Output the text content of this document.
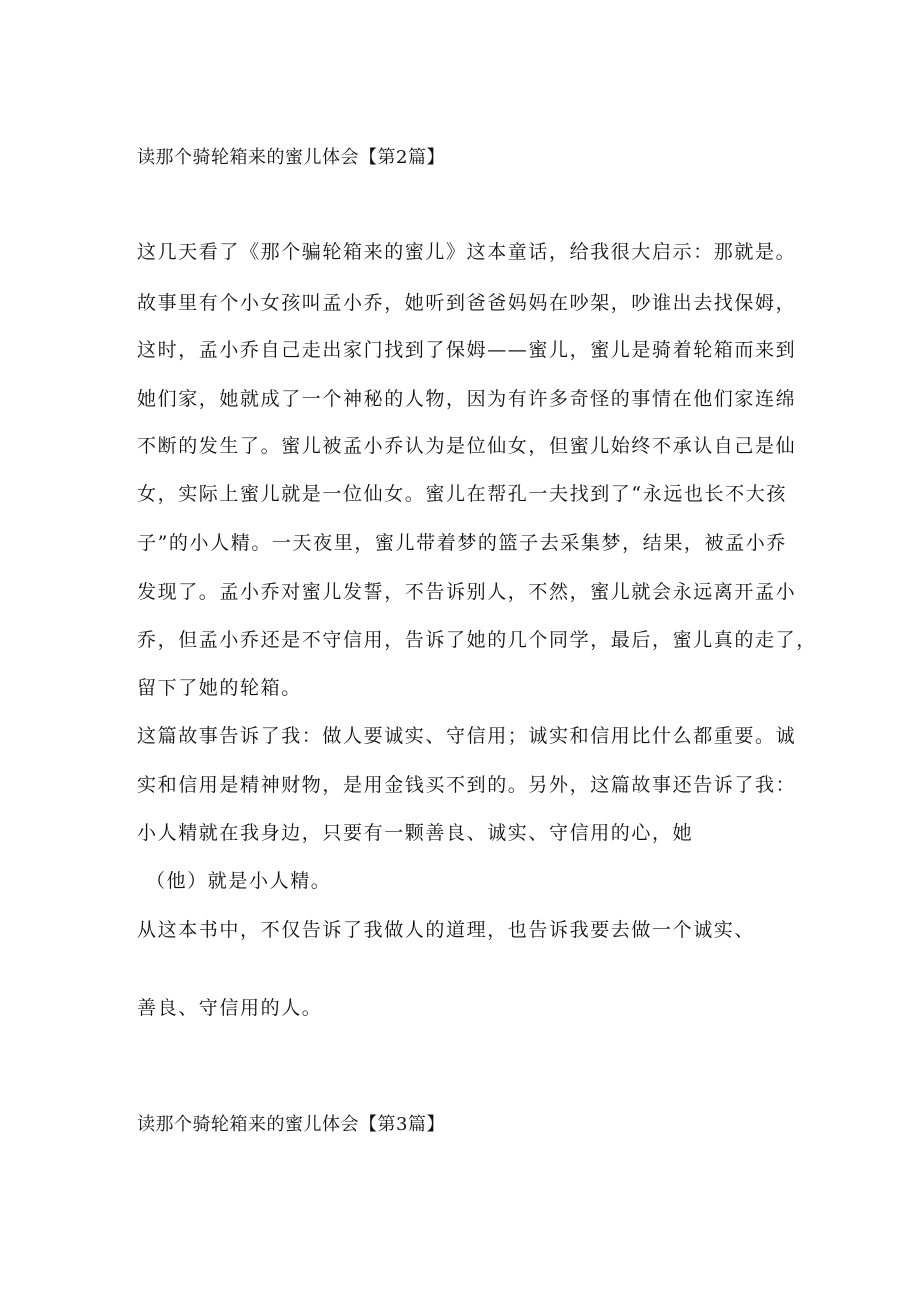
读那个骑轮箱来的蜜儿体会【第2篇】
这几天看了《那个骗轮箱来的蜜儿》这本童话，给我很大启示：那就是。
故事里有个小女孩叫孟小乔，她听到爸爸妈妈在吵架，吵谁出去找保姆，
这时，孟小乔自己走出家门找到了保姆——蜜儿，蜜儿是骑着轮箱而来到
她们家，她就成了一个神秘的人物，因为有许多奇怪的事情在他们家连绵
不断的发生了。蜜儿被孟小乔认为是位仙女，但蜜儿始终不承认自己是仙
女，实际上蜜儿就是一位仙女。蜜儿在帮孔一夫找到了“永远也长不大孩
子”的小人精。一天夜里，蜜儿带着梦的篮子去采集梦，结果，被孟小乔
发现了。孟小乔对蜜儿发誓，不告诉别人，不然，蜜儿就会永远离开孟小
乔，但孟小乔还是不守信用，告诉了她的几个同学，最后，蜜儿真的走了，
留下了她的轮箱。
这篇故事告诉了我：做人要诚实、守信用；诚实和信用比什么都重要。诚
实和信用是精神财物，是用金钱买不到的。另外，这篇故事还告诉了我：
小人精就在我身边，只要有一颗善良、诚实、守信用的心，她
（他）就是小人精。
从这本书中，不仅告诉了我做人的道理，也告诉我要去做一个诚实、
善良、守信用的人。
读那个骑轮箱来的蜜儿体会【第3篇】
